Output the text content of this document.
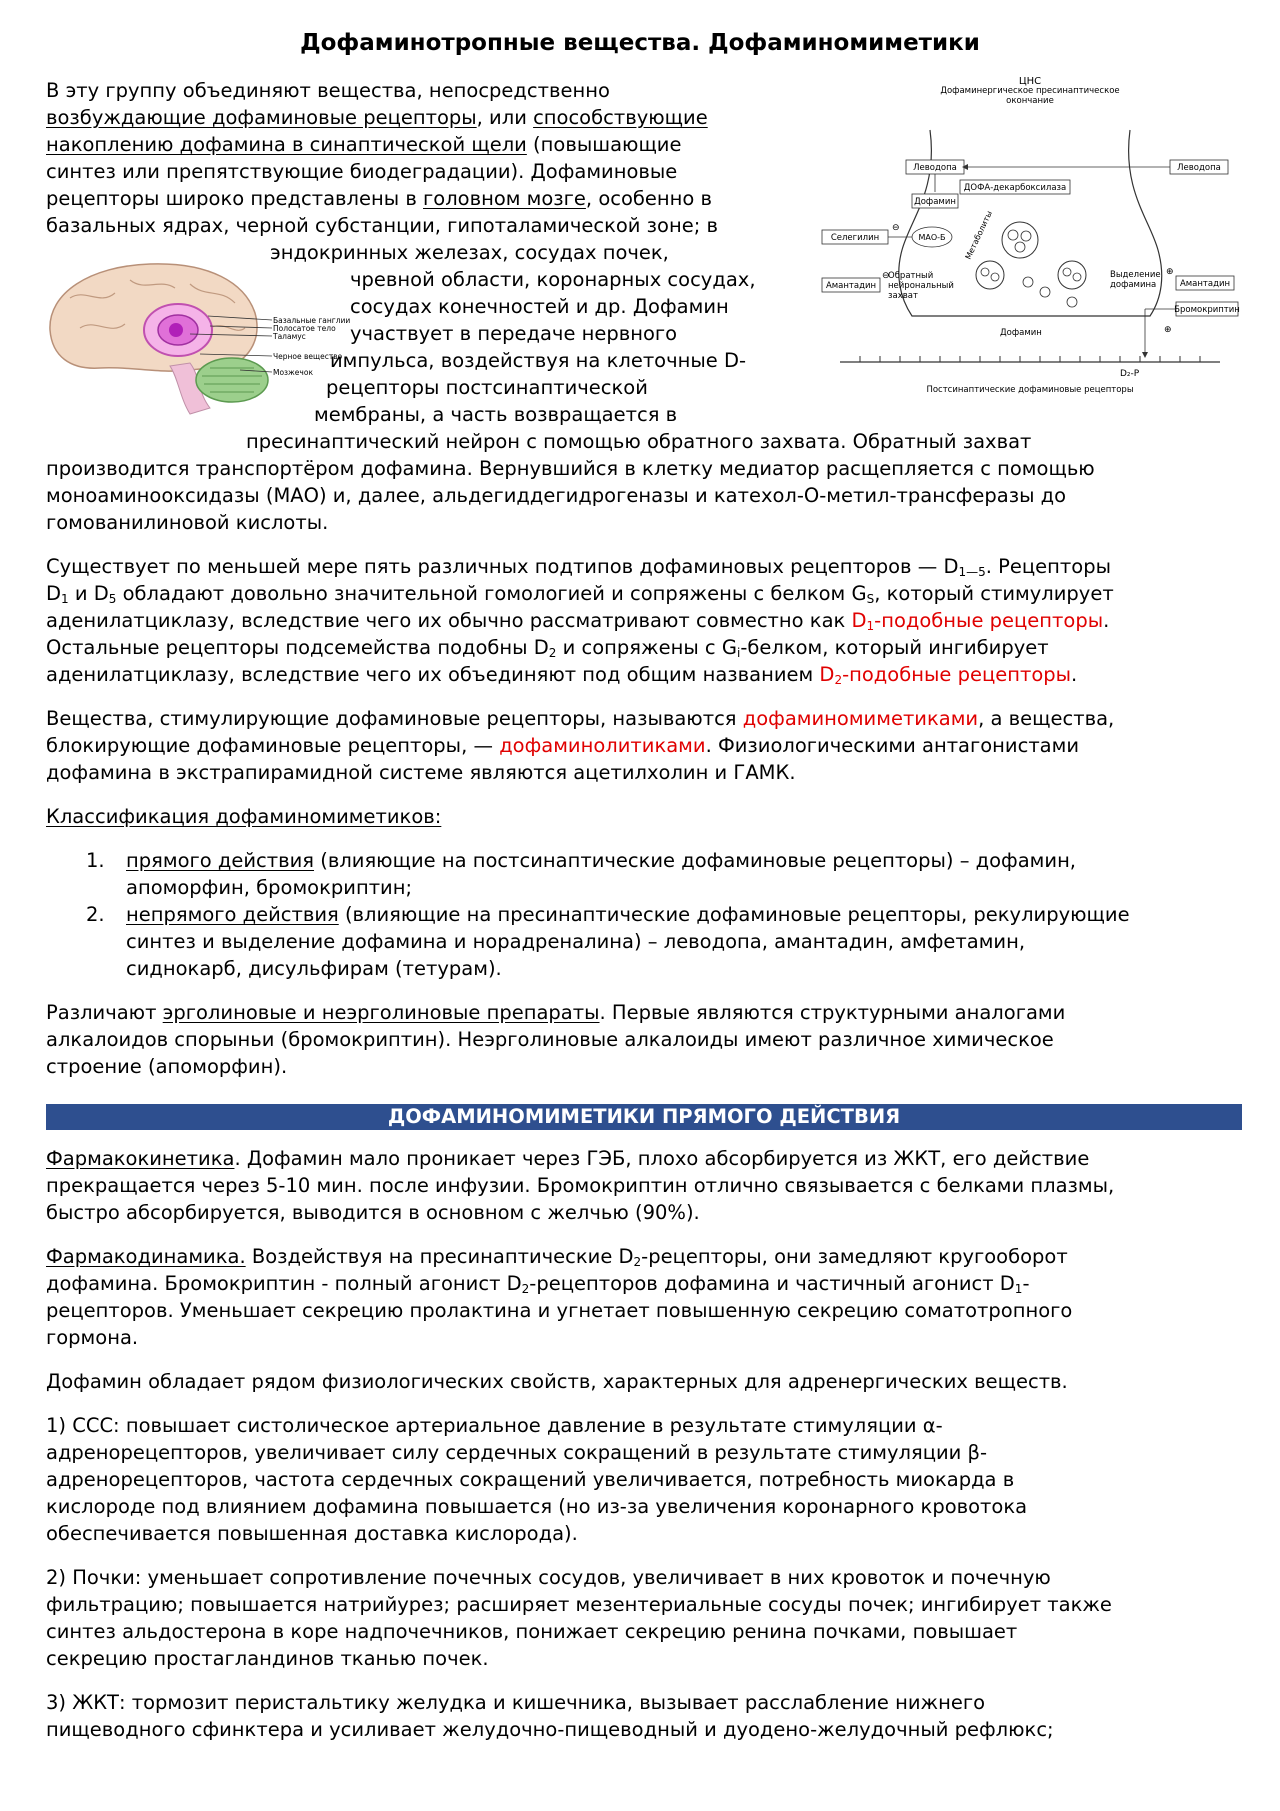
Дофаминотропные вещества. Дофаминомиметики
В эту группу объединяют вещества, непосредственно
возбуждающие дофаминовые рецепторы, или способствующие
накоплению дофамина в синаптической щели (повышающие
синтез или препятствующие биодеградации). Дофаминовые
рецепторы широко представлены в головном мозге, особенно в
базальных ядрах, черной субстанции, гипоталамической зоне; в
эндокринных железах, сосудах почек,
чревной области, коронарных сосудах,
сосудах конечностей и др. Дофамин
участвует в передаче нервного
импульса, воздействуя на клеточные D-
рецепторы постсинаптической
мембраны, а часть возвращается в
пресинаптический нейрон с помощью обратного захвата. Обратный захват
производится транспортёром дофамина. Вернувшийся в клетку медиатор расщепляется с помощью
моноаминооксидазы (МАО) и, далее, альдегиддегидрогеназы и катехол-О-метил-трансферазы до
гомованилиновой кислоты.
Базальные ганглии
Полосатое тело
Таламус
Черное вещество
Мозжечок
ЦНС
Дофаминергическое пресинаптическое окончание
Леводопа	Леводопа
ДОФА-декарбоксилаза
Дофамин
Селегилин
⊖
МАО-Б Метаболиты
Амантадин
⊖
Обратный нейрональный захват
Выделение дофамина
⊕
Амантадин
Бромокриптин
⊕
Дофамин
D₂-Р
Постсинаптические дофаминовые рецепторы
Существует по меньшей мере пять различных подтипов дофаминовых рецепторов — $D_{1—5}$. Рецепторы
$D_1$ и $D_5$ обладают довольно значительной гомологией и сопряжены с белком $G_S$, который стимулирует
аденилатциклазу, вследствие чего их обычно рассматривают совместно как $D_1$-подобные рецепторы.
Остальные рецепторы подсемейства подобны $D_2$ и сопряжены с $G_i$-белком, который ингибирует
аденилатциклазу, вследствие чего их объединяют под общим названием $D_2$-подобные рецепторы.
Вещества, стимулирующие дофаминовые рецепторы, называются дофаминомиметиками, а вещества,
блокирующие дофаминовые рецепторы, — дофаминолитиками. Физиологическими антагонистами
дофамина в экстрапирамидной системе являются ацетилхолин и ГАМК.
Классификация дофаминомиметиков:
1. прямого действия (влияющие на постсинаптические дофаминовые рецепторы) – дофамин,
апоморфин, бромокриптин;
2. непрямого действия (влияющие на пресинаптические дофаминовые рецепторы, рекулирующие
синтез и выделение дофамина и норадреналина) – леводопа, амантадин, амфетамин,
сиднокарб, дисульфирам (тетурам).
Различают эрголиновые и неэрголиновые препараты. Первые являются структурными аналогами
алкалоидов спорыньи (бромокриптин). Неэрголиновые алкалоиды имеют различное химическое
строение (апоморфин).
ДОФАМИНОМИМЕТИКИ ПРЯМОГО ДЕЙСТВИЯ
Фармакокинетика. Дофамин мало проникает через ГЭБ, плохо абсорбируется из ЖКТ, его действие
прекращается через 5-10 мин. после инфузии. Бромокриптин отлично связывается с белками плазмы,
быстро абсорбируется, выводится в основном с желчью (90%).
Фармакодинамика. Воздействуя на пресинаптические $D_2$-рецепторы, они замедляют кругооборот
дофамина. Бромокриптин - полный агонист $D_2$-рецепторов дофамина и частичный агонист $D_1-$
рецепторов. Уменьшает секрецию пролактина и угнетает повышенную секрецию соматотропного
гормона.
Дофамин обладает рядом физиологических свойств, характерных для адренергических веществ.
1) ССС: повышает систолическое артериальное давление в результате стимуляции α-
адренорецепторов, увеличивает силу сердечных сокращений в результате стимуляции β-
адренорецепторов, частота сердечных сокращений увеличивается, потребность миокарда в
кислороде под влиянием дофамина повышается (но из-за увеличения коронарного кровотока
обеспечивается повышенная доставка кислорода).
2) Почки: уменьшает сопротивление почечных сосудов, увеличивает в них кровоток и почечную
фильтрацию; повышается натрийурез; расширяет мезентериальные сосуды почек; ингибирует также
синтез альдостерона в коре надпочечников, понижает секрецию ренина почками, повышает
секрецию простагландинов тканью почек.
3) ЖКТ: тормозит перистальтику желудка и кишечника, вызывает расслабление нижнего
пищеводного сфинктера и усиливает желудочно-пищеводный и дуодено-желудочный рефлюкс;
